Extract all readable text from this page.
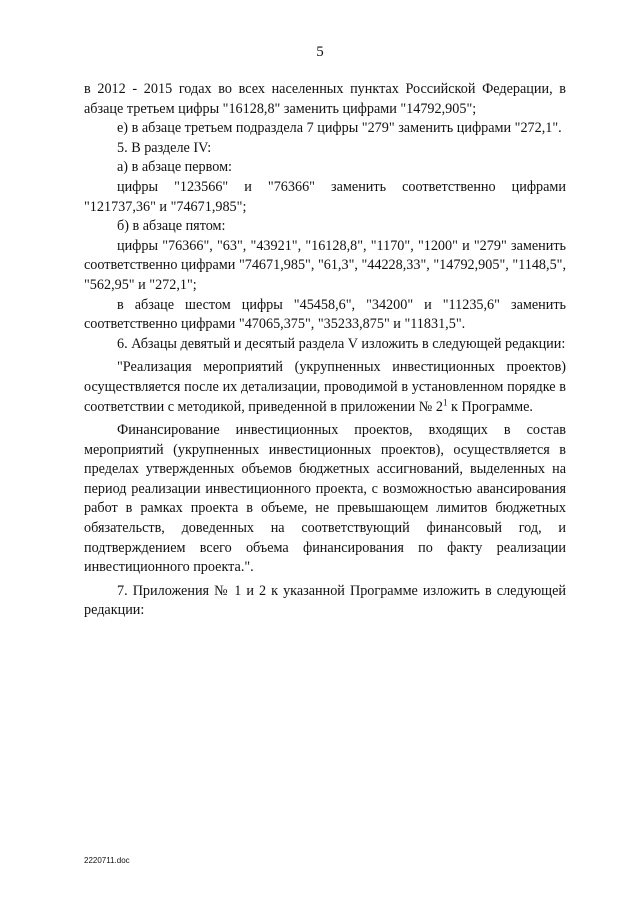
5

в 2012 - 2015 годах во всех населенных пунктах Российской Федерации, в абзаце третьем цифры "16128,8" заменить цифрами "14792,905";

е) в абзаце третьем подраздела 7 цифры "279" заменить цифрами "272,1".

5. В разделе IV:

а) в абзаце первом:

цифры "123566" и "76366" заменить соответственно цифрами "121737,36" и "74671,985";

б) в абзаце пятом:

цифры "76366", "63", "43921", "16128,8", "1170", "1200" и "279" заменить соответственно цифрами "74671,985", "61,3", "44228,33", "14792,905", "1148,5", "562,95" и "272,1";

в абзаце шестом цифры "45458,6", "34200" и "11235,6" заменить соответственно цифрами "47065,375", "35233,875" и "11831,5".

6. Абзацы девятый и десятый раздела V изложить в следующей редакции:

"Реализация мероприятий (укрупненных инвестиционных проектов) осуществляется после их детализации, проводимой в установленном порядке в соответствии с методикой, приведенной в приложении № $2^1$ к Программе.

Финансирование инвестиционных проектов, входящих в состав мероприятий (укрупненных инвестиционных проектов), осуществляется в пределах утвержденных объемов бюджетных ассигнований, выделенных на период реализации инвестиционного проекта, с возможностью авансирования работ в рамках проекта в объеме, не превышающем лимитов бюджетных обязательств, доведенных на соответствующий финансовый год, и подтверждением всего объема финансирования по факту реализации инвестиционного проекта.".

7. Приложения № 1 и 2 к указанной Программе изложить в следующей редакции:

2220711.doc
